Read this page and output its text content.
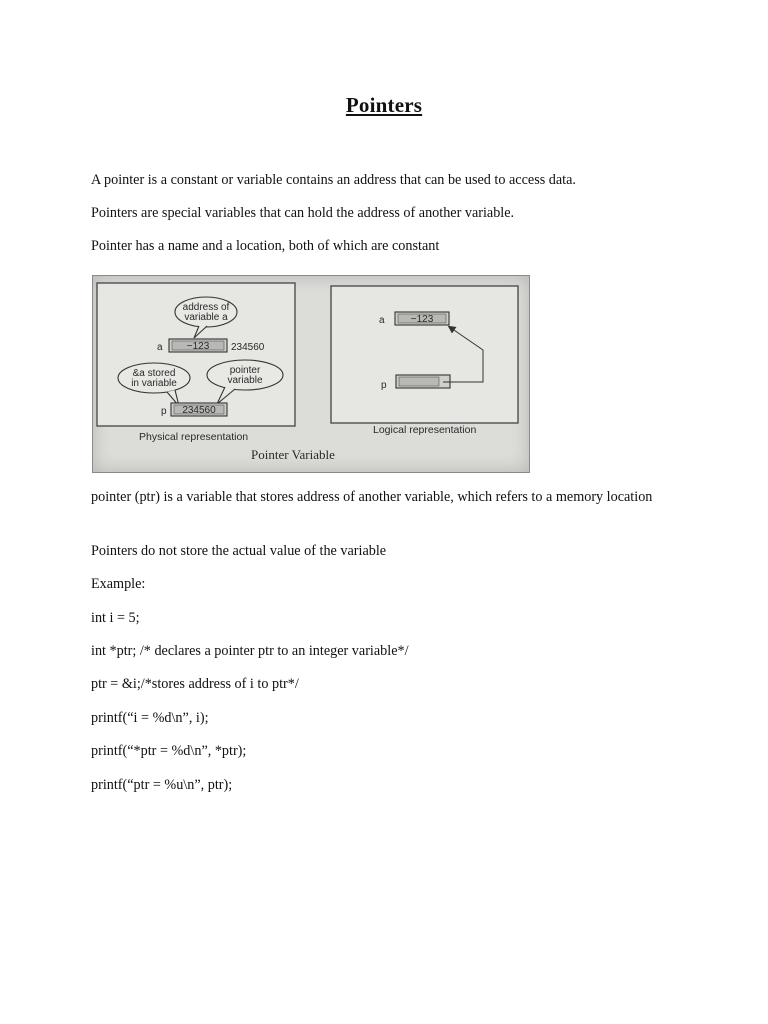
Pointers
A pointer is a constant or variable contains an address that can be used to access data.
Pointers are special variables that can hold the address of another variable.
Pointer has a name and a location, both of which are constant
address of
variable a
a −123 234560
&a stored
in variable
pointer
variable
p 234560
Physical representation
a	−123
p
Logical representation
Pointer Variable
pointer (ptr) is a variable that stores address of another variable, which refers to a memory location
Pointers do not store the actual value of the variable
Example:
int i = 5;
int *ptr; /* declares a pointer ptr to an integer variable*/
ptr = &i;/*stores address of i to ptr*/
printf(“i = %d\n”, i);
printf(“*ptr = %d\n”, *ptr);
printf(“ptr = %u\n”, ptr);
